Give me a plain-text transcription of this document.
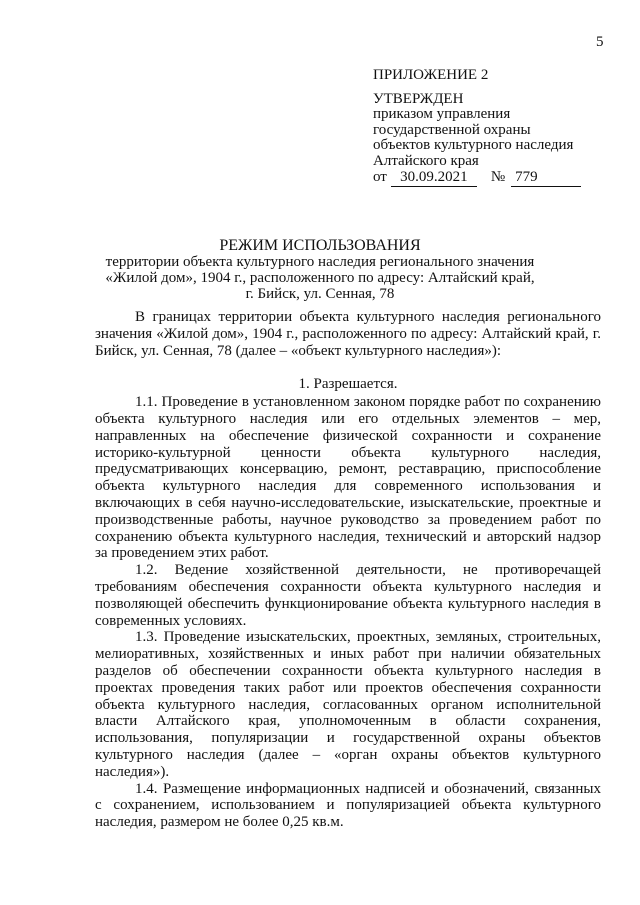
5
ПРИЛОЖЕНИЕ 2
УТВЕРЖДЕН
приказом управления
государственной охраны
объектов культурного наследия
Алтайского края
от 30.09.2021	№ 779
РЕЖИМ ИСПОЛЬЗОВАНИЯ
территории объекта культурного наследия регионального значения
«Жилой дом», 1904 г., расположенного по адресу: Алтайский край,
г. Бийск, ул. Сенная, 78

В границах территории объекта культурного наследия регионального значения «Жилой дом», 1904 г., расположенного по адресу: Алтайский край, г. Бийск, ул. Сенная, 78 (далее – «объект культурного наследия»):

1. Разрешается.

1.1. Проведение в установленном законом порядке работ по сохранению объекта культурного наследия или его отдельных элементов – мер, направленных на обеспечение физической сохранности и сохранение историко-культурной ценности объекта культурного наследия, предусматривающих консервацию, ремонт, реставрацию, приспособление объекта культурного наследия для современного использования и включающих в себя научно-исследовательские, изыскательские, проектные и производственные работы, научное руководство за проведением работ по сохранению объекта культурного наследия, технический и авторский надзор за проведением этих работ.

1.2. Ведение хозяйственной деятельности, не противоречащей требованиям обеспечения сохранности объекта культурного наследия и позволяющей обеспечить функционирование объекта культурного наследия в современных условиях.

1.3. Проведение изыскательских, проектных, земляных, строительных, мелиоративных, хозяйственных и иных работ при наличии обязательных разделов об обеспечении сохранности объекта культурного наследия в проектах проведения таких работ или проектов обеспечения сохранности объекта культурного наследия, согласованных органом исполнительной власти Алтайского края, уполномоченным в области сохранения, использования, популяризации и государственной охраны объектов культурного наследия (далее – «орган охраны объектов культурного наследия»).

1.4. Размещение информационных надписей и обозначений, связанных с сохранением, использованием и популяризацией объекта культурного наследия, размером не более 0,25 кв.м.
